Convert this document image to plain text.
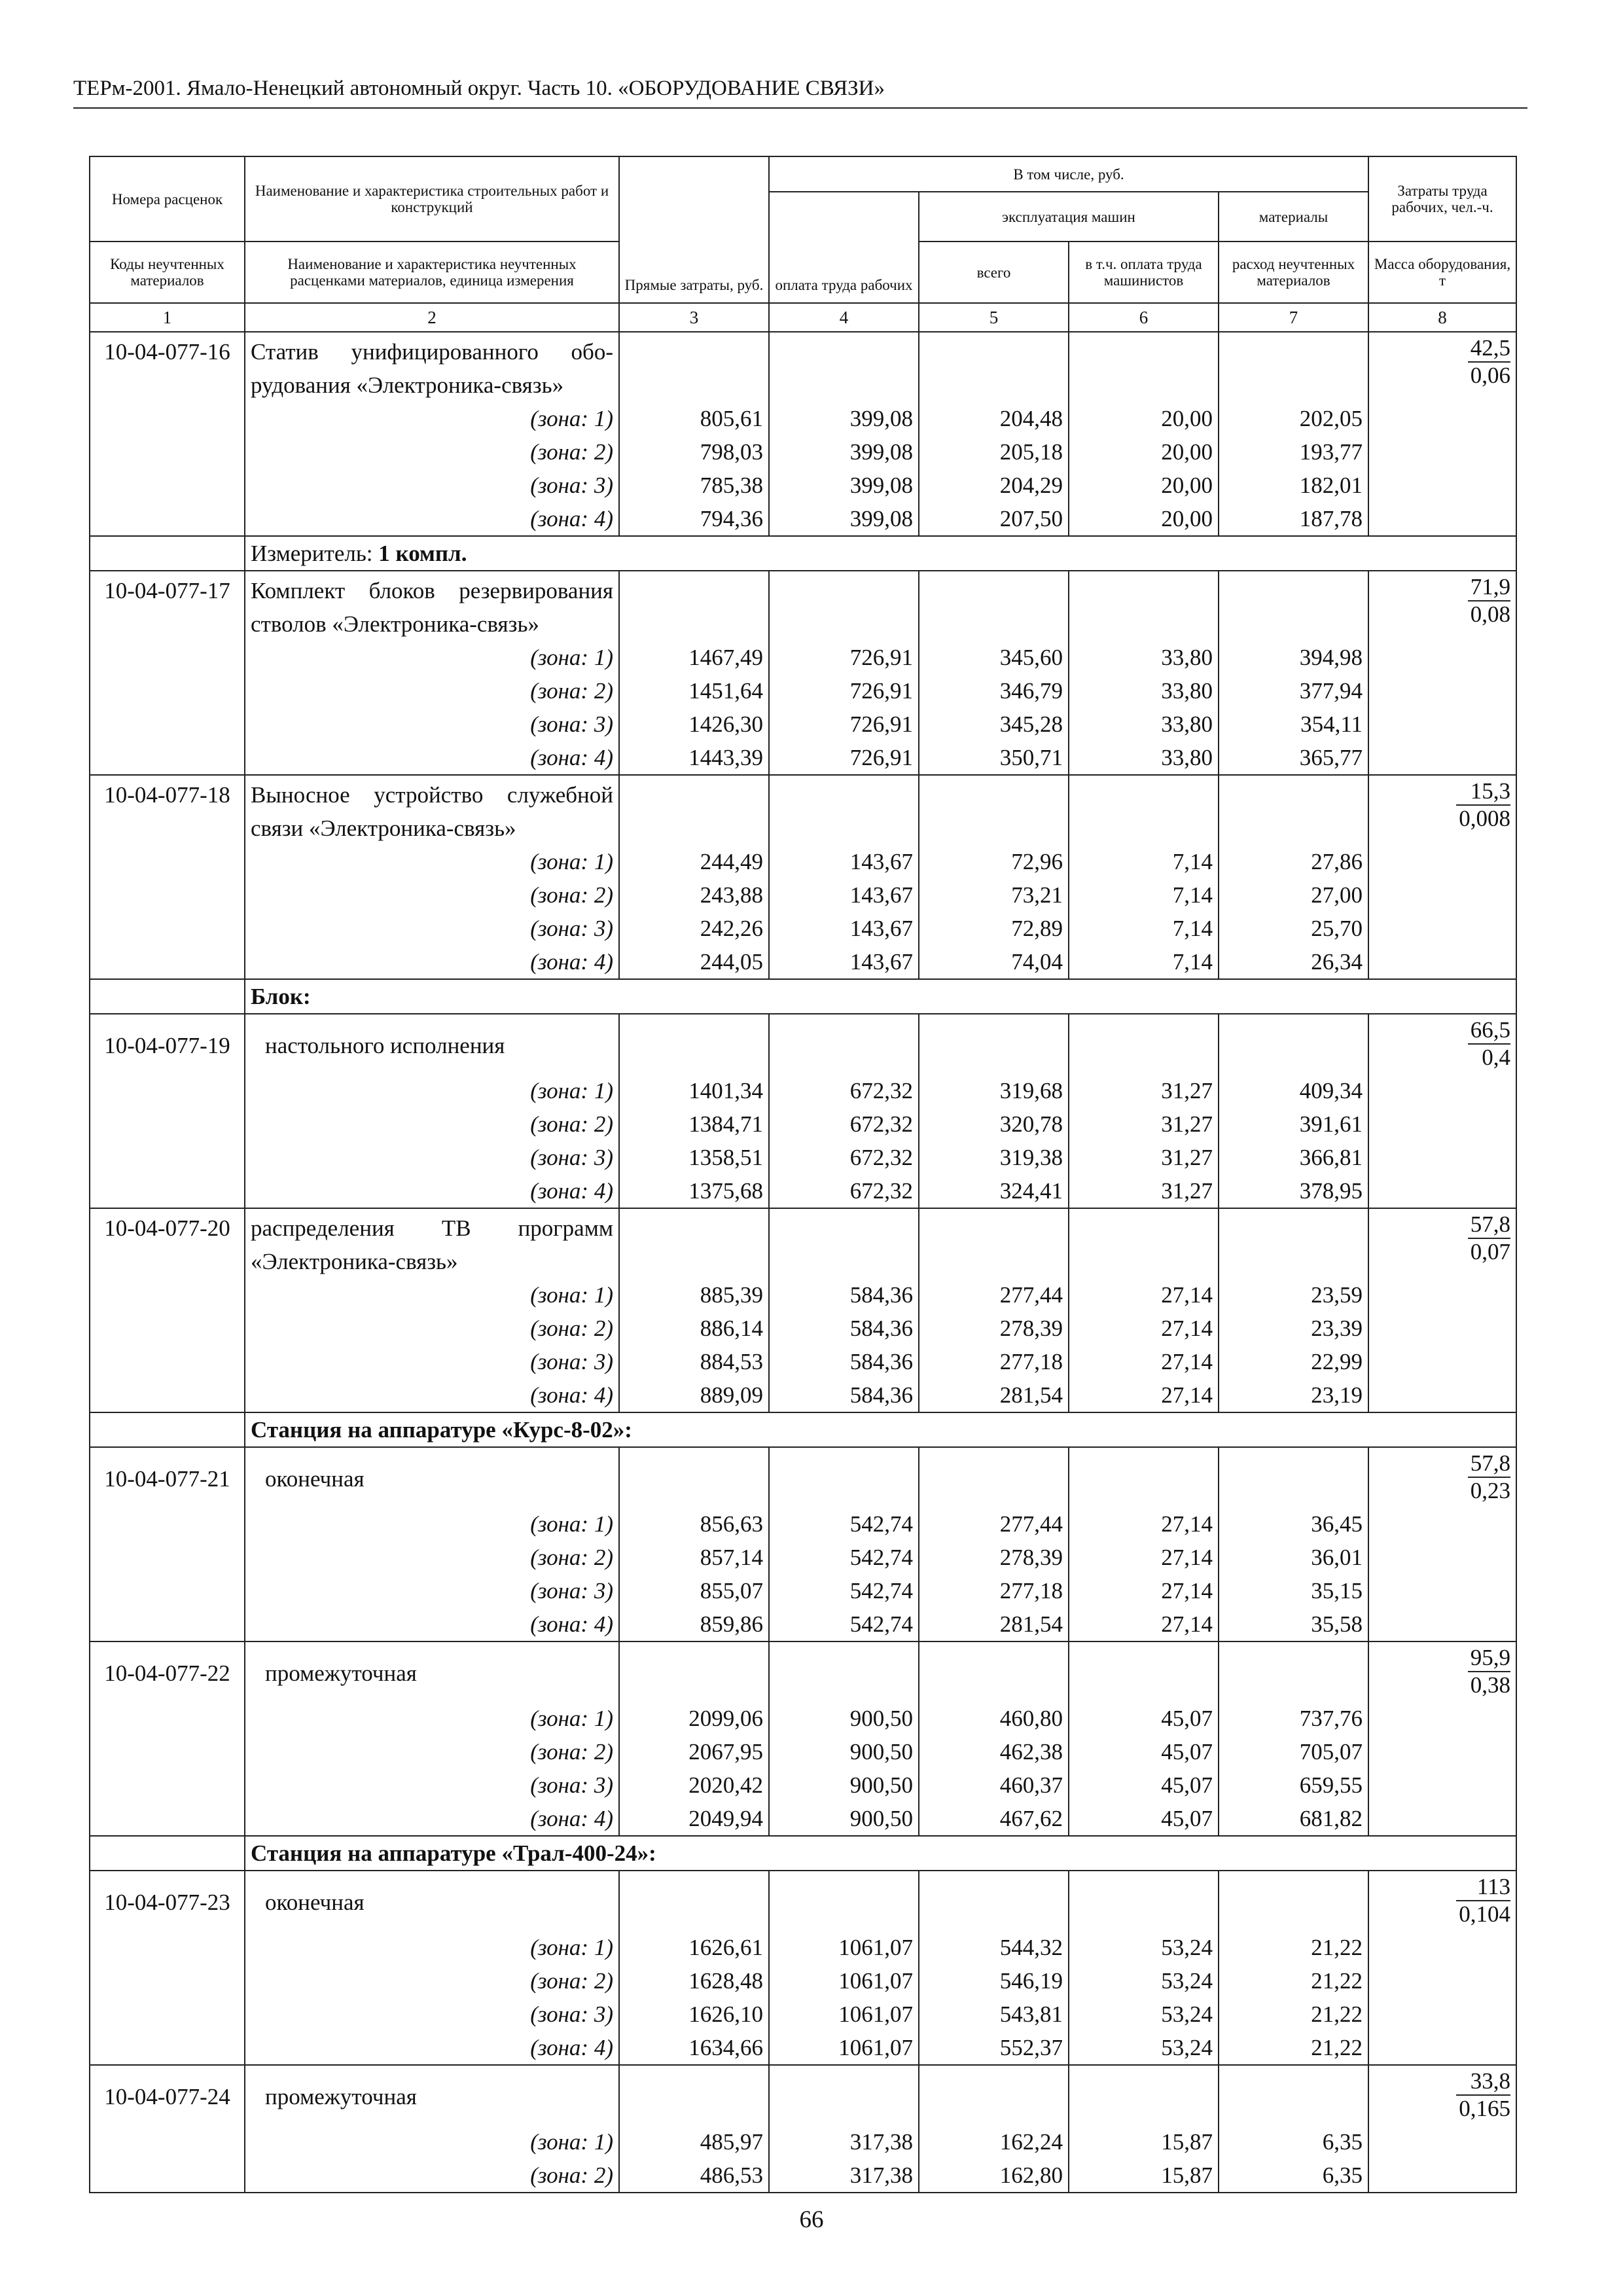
ТЕРм-2001. Ямало-Ненецкий автономный округ. Часть 10. «ОБОРУДОВАНИЕ СВЯЗИ»
Номера расценок	Наименование и характеристика строительных работ и конструкций	Прямые затраты, руб.	В том числе, руб.				Затраты труда рабочих, чел.-ч.
			оплата труда рабочих	эксплуатация машин		материалы	
				всего	в т.ч. оплата труда машинистов	расход неучтенных материалов	
Коды неучтенных материалов	Наименование и характеристика неучтенных расценками материалов, единица измерения						Масса оборудования, т
1	2	3	4	5	6	7	8
10-04-077-16	Статив унифицированного обо-рудования «Электроника-связь»						$\frac{42,5}{0,06}$

	(зона: 1)	805,61	399,08	204,48	20,00	202,05	
	(зона: 2)	798,03	399,08	205,18	20,00	193,77	
	(зона: 3)	785,38	399,08	204,29	20,00	182,01	
	(зона: 4)	794,36	399,08	207,50	20,00	187,78	
	Измеритель: 1 компл.						
10-04-077-17	Комплект блоков резервирования стволов «Электроника-связь»						$\frac{71,9}{0,08}$

	(зона: 1)	1467,49	726,91	345,60	33,80	394,98	
	(зона: 2)	1451,64	726,91	346,79	33,80	377,94	
	(зона: 3)	1426,30	726,91	345,28	33,80	354,11	
	(зона: 4)	1443,39	726,91	350,71	33,80	365,77	
10-04-077-18	Выносное устройство служебной связи «Электроника-связь»						$\frac{15,3}{0,008}$

	(зона: 1)	244,49	143,67	72,96	7,14	27,86	
	(зона: 2)	243,88	143,67	73,21	7,14	27,00	
	(зона: 3)	242,26	143,67	72,89	7,14	25,70	
	(зона: 4)	244,05	143,67	74,04	7,14	26,34	
	Блок:						
10-04-077-19	настольного исполнения						$\frac{66,5}{0,4}$

	(зона: 1)	1401,34	672,32	319,68	31,27	409,34	
	(зона: 2)	1384,71	672,32	320,78	31,27	391,61	
	(зона: 3)	1358,51	672,32	319,38	31,27	366,81	
	(зона: 4)	1375,68	672,32	324,41	31,27	378,95	
10-04-077-20	распределения ТВ программ «Электроника-связь»						$\frac{57,8}{0,07}$

	(зона: 1)	885,39	584,36	277,44	27,14	23,59	
	(зона: 2)	886,14	584,36	278,39	27,14	23,39	
	(зона: 3)	884,53	584,36	277,18	27,14	22,99	
	(зона: 4)	889,09	584,36	281,54	27,14	23,19	
	Станция на аппаратуре «Курс-8-02»:						
10-04-077-21	оконечная						$\frac{57,8}{0,23}$

	(зона: 1)	856,63	542,74	277,44	27,14	36,45	
	(зона: 2)	857,14	542,74	278,39	27,14	36,01	
	(зона: 3)	855,07	542,74	277,18	27,14	35,15	
	(зона: 4)	859,86	542,74	281,54	27,14	35,58	
10-04-077-22	промежуточная						$\frac{95,9}{0,38}$

	(зона: 1)	2099,06	900,50	460,80	45,07	737,76	
	(зона: 2)	2067,95	900,50	462,38	45,07	705,07	
	(зона: 3)	2020,42	900,50	460,37	45,07	659,55	
	(зона: 4)	2049,94	900,50	467,62	45,07	681,82	
	Станция на аппаратуре «Трал-400-24»:						
10-04-077-23	оконечная						$\frac{113}{0,104}$

	(зона: 1)	1626,61	1061,07	544,32	53,24	21,22	
	(зона: 2)	1628,48	1061,07	546,19	53,24	21,22	
	(зона: 3)	1626,10	1061,07	543,81	53,24	21,22	
	(зона: 4)	1634,66	1061,07	552,37	53,24	21,22	
10-04-077-24	промежуточная						$\frac{33,8}{0,165}$

	(зона: 1)	485,97	317,38	162,24	15,87	6,35	
	(зона: 2)	486,53	317,38	162,80	15,87	6,35	
66
